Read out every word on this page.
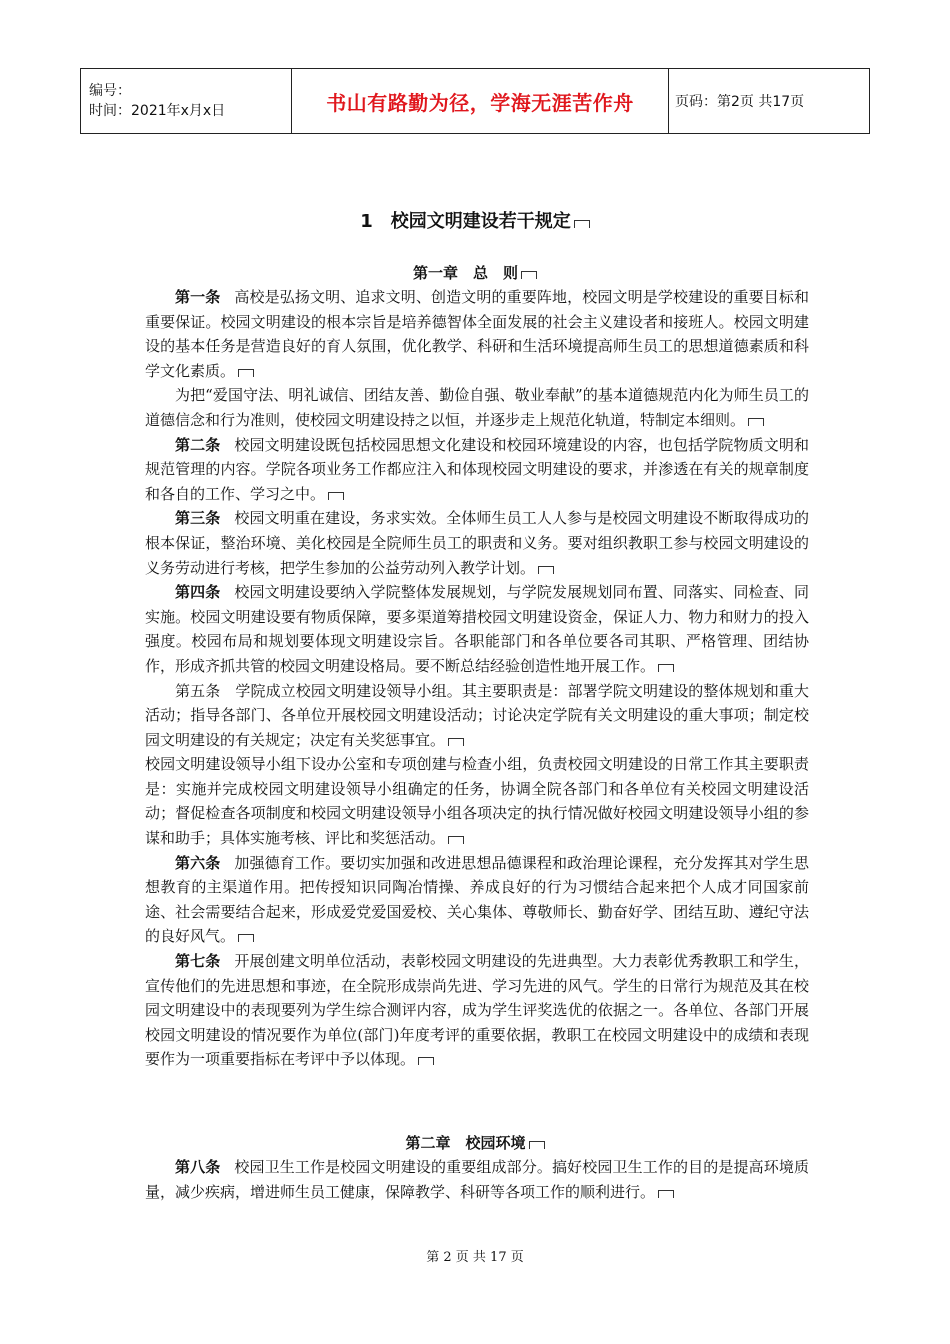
编号：
时间：2021年x月x日	书山有路勤为径，学海无涯苦作舟	页码：第2页 共17页
1　校园文明建设若干规定
第一章　总　则

第一条 高校是弘扬文明、追求文明、创造文明的重要阵地，校园文明是学校建设的重要目标和重要保证。校园文明建设的根本宗旨是培养德智体全面发展的社会主义建设者和接班人。校园文明建设的基本任务是营造良好的育人氛围，优化教学、科研和生活环境提高师生员工的思想道德素质和科学文化素质。

为把“爱国守法、明礼诚信、团结友善、勤俭自强、敬业奉献”的基本道德规范内化为师生员工的道德信念和行为准则，使校园文明建设持之以恒，并逐步走上规范化轨道，特制定本细则。

第二条 校园文明建设既包括校园思想文化建设和校园环境建设的内容，也包括学院物质文明和规范管理的内容。学院各项业务工作都应注入和体现校园文明建设的要求，并渗透在有关的规章制度和各自的工作、学习之中。

第三条 校园文明重在建设，务求实效。全体师生员工人人参与是校园文明建设不断取得成功的根本保证，整治环境、美化校园是全院师生员工的职责和义务。要对组织教职工参与校园文明建设的义务劳动进行考核，把学生参加的公益劳动列入教学计划。

第四条 校园文明建设要纳入学院整体发展规划，与学院发展规划同布置、同落实、同检查、同实施。校园文明建设要有物质保障，要多渠道筹措校园文明建设资金，保证人力、物力和财力的投入强度。校园布局和规划要体现文明建设宗旨。各职能部门和各单位要各司其职、严格管理、团结协作，形成齐抓共管的校园文明建设格局。要不断总结经验创造性地开展工作。

第五条　学院成立校园文明建设领导小组。其主要职责是：部署学院文明建设的整体规划和重大活动；指导各部门、各单位开展校园文明建设活动；讨论决定学院有关文明建设的重大事项；制定校园文明建设的有关规定；决定有关奖惩事宜。

校园文明建设领导小组下设办公室和专项创建与检查小组，负责校园文明建设的日常工作其主要职责是：实施并完成校园文明建设领导小组确定的任务，协调全院各部门和各单位有关校园文明建设活动；督促检查各项制度和校园文明建设领导小组各项决定的执行情况做好校园文明建设领导小组的参谋和助手；具体实施考核、评比和奖惩活动。

第六条 加强德育工作。要切实加强和改进思想品德课程和政治理论课程，充分发挥其对学生思想教育的主渠道作用。把传授知识同陶冶情操、养成良好的行为习惯结合起来把个人成才同国家前途、社会需要结合起来，形成爱党爱国爱校、关心集体、尊敬师长、勤奋好学、团结互助、遵纪守法的良好风气。

第七条 开展创建文明单位活动，表彰校园文明建设的先进典型。大力表彰优秀教职工和学生，宣传他们的先进思想和事迹，在全院形成崇尚先进、学习先进的风气。学生的日常行为规范及其在校园文明建设中的表现要列为学生综合测评内容，成为学生评奖选优的依据之一。各单位、各部门开展校园文明建设的情况要作为单位(部门)年度考评的重要依据，教职工在校园文明建设中的成绩和表现要作为一项重要指标在考评中予以体现。

第二章　校园环境

第八条 校园卫生工作是校园文明建设的重要组成部分。搞好校园卫生工作的目的是提高环境质量，减少疾病，增进师生员工健康，保障教学、科研等各项工作的顺利进行。

第 2 页 共 17 页
